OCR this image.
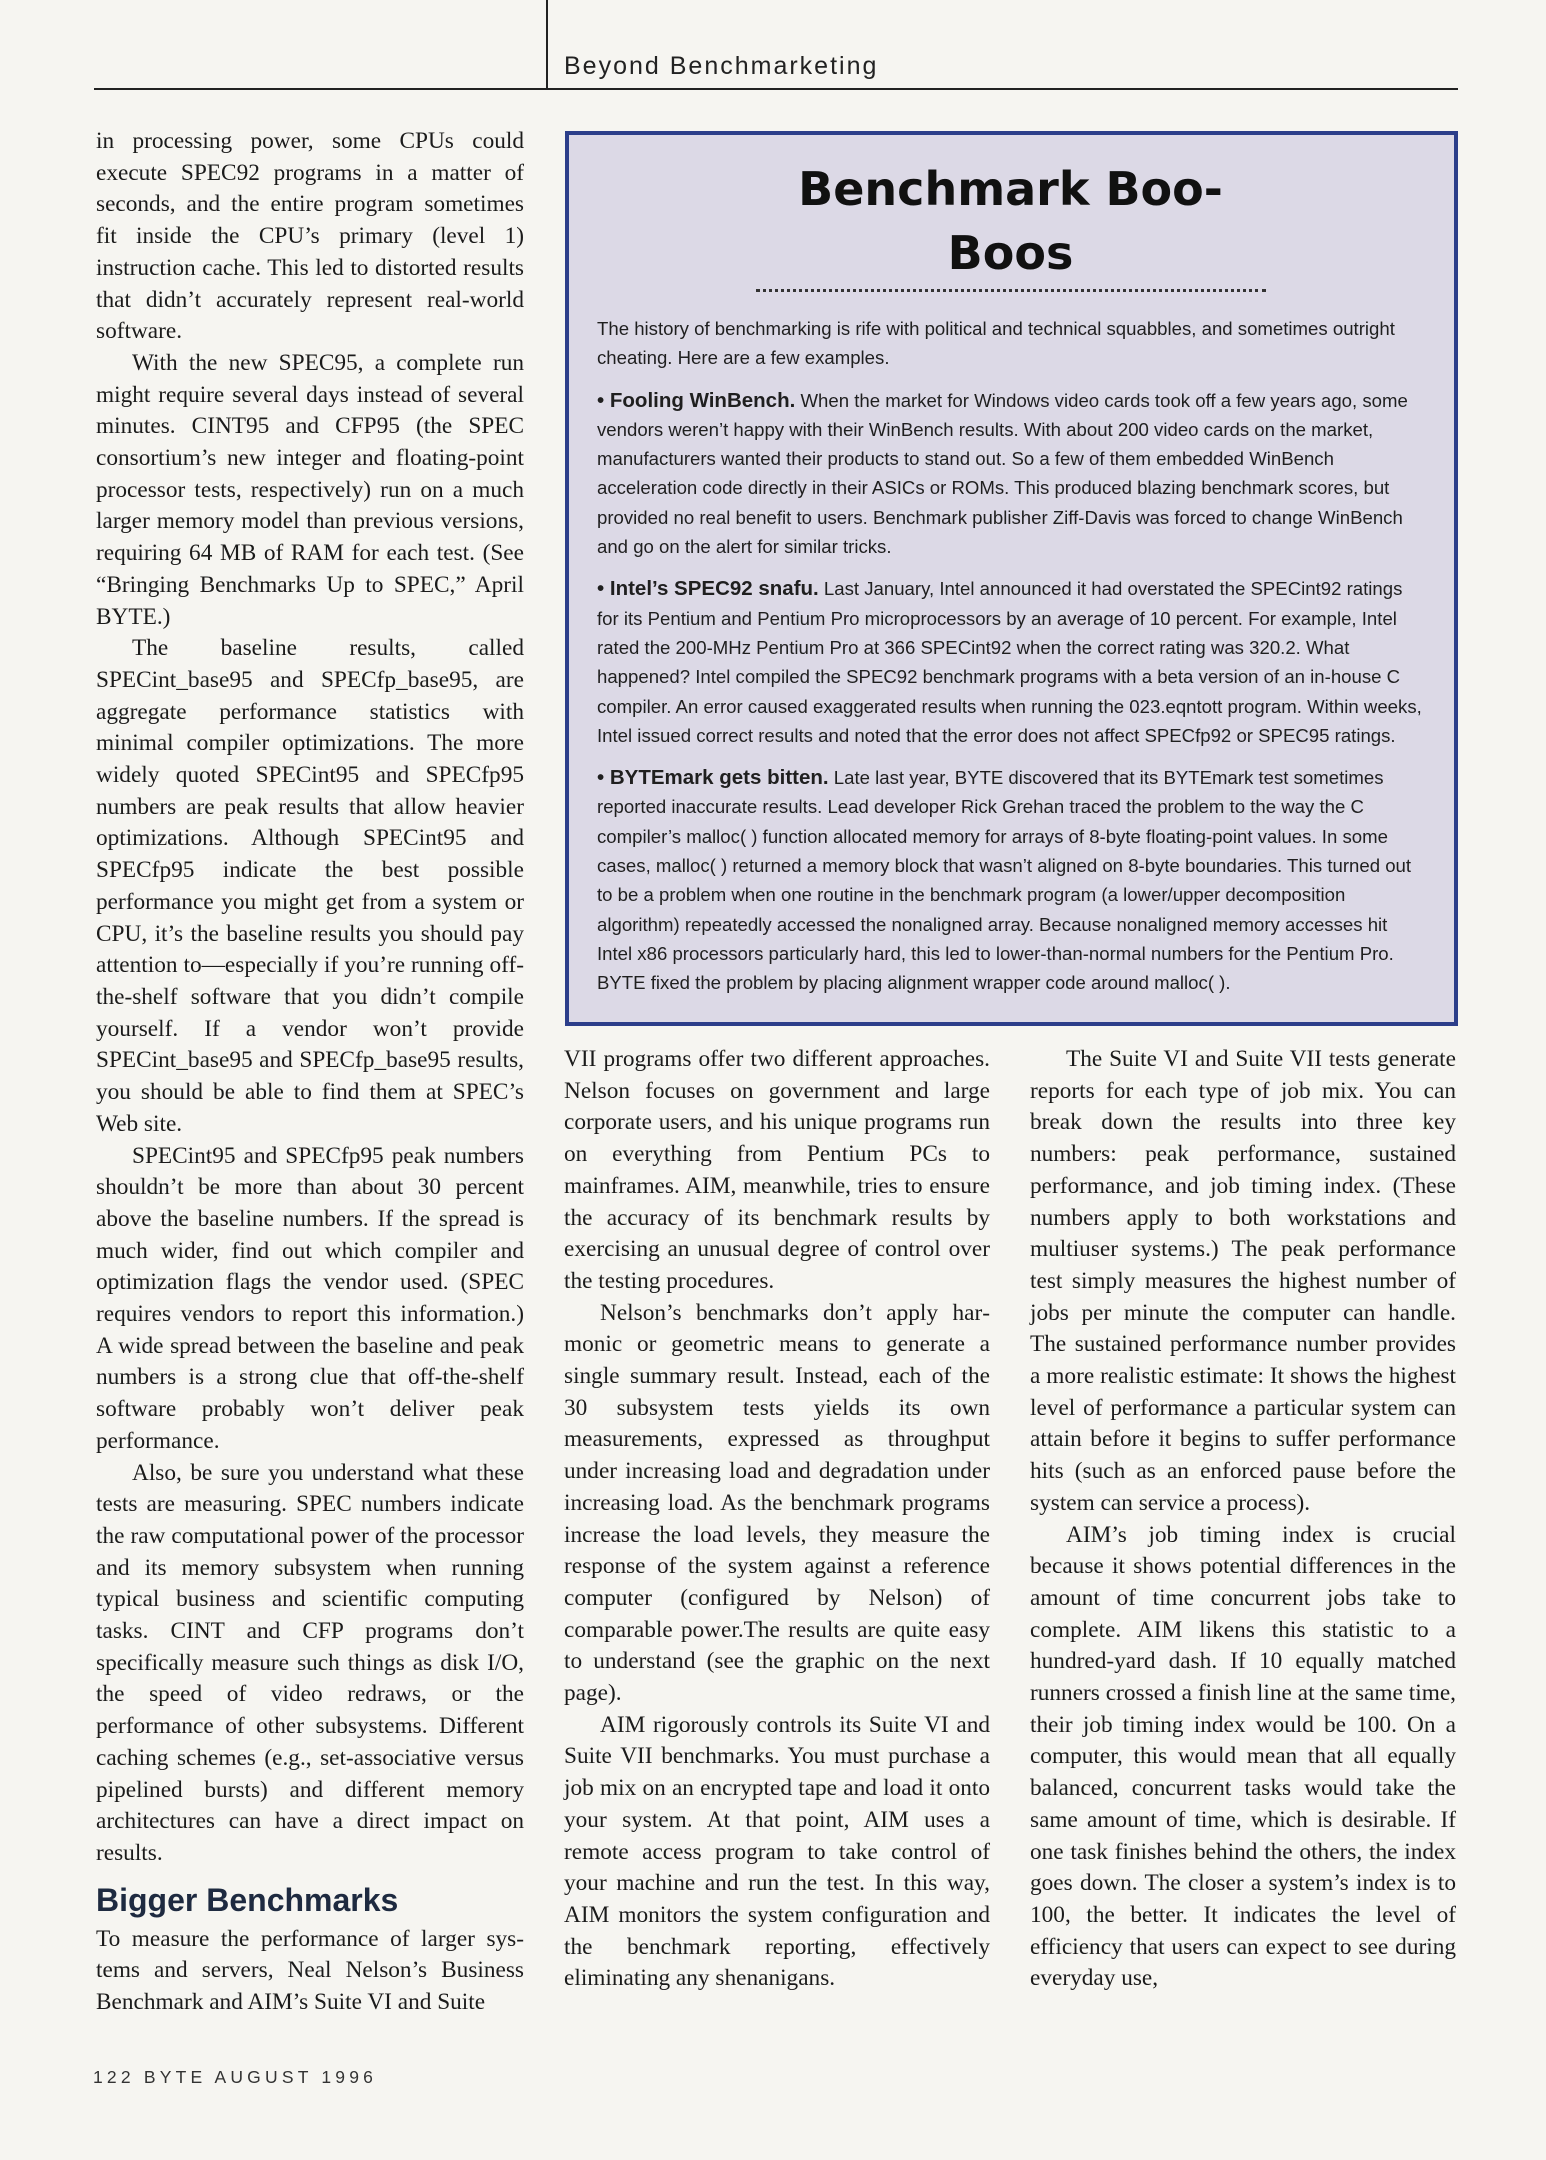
Beyond Benchmarketing

in processing power, some CPUs could execute SPEC92 programs in a matter of seconds, and the entire program sometimes fit inside the CPU’s primary (level 1) instruction cache. This led to distorted results that didn’t accurately represent real-world software.

With the new SPEC95, a complete run might require several days instead of several minutes. CINT95 and CFP95 (the SPEC consortium’s new integer and floating-point processor tests, respectively) run on a much larger memory model than previous versions, requiring 64 MB of RAM for each test. (See “Bringing Benchmarks Up to SPEC,” April BYTE.)

The baseline results, called SPECint_base95 and SPECfp_base95, are aggregate performance statistics with minimal compiler optimizations. The more widely quoted SPECint95 and SPECfp95 numbers are peak results that allow heavier optimizations. Although SPECint95 and SPECfp95 indicate the best possible performance you might get from a system or CPU, it’s the baseline results you should pay attention to—especially if you’re running off-the-shelf software that you didn’t compile yourself. If a vendor won’t provide SPECint_base95 and SPECfp_base95 results, you should be able to find them at SPEC’s Web site.

SPECint95 and SPECfp95 peak numbers shouldn’t be more than about 30 percent above the baseline numbers. If the spread is much wider, find out which compiler and optimization flags the vendor used. (SPEC requires vendors to report this information.) A wide spread between the baseline and peak numbers is a strong clue that off-the-shelf software probably won’t deliver peak performance.

Also, be sure you understand what these tests are measuring. SPEC numbers indicate the raw computational power of the processor and its memory subsystem when running typical business and scientific computing tasks. CINT and CFP programs don’t specifically measure such things as disk I/O, the speed of video redraws, or the performance of other subsystems. Different caching schemes (e.g., set-associative versus pipelined bursts) and different memory architectures can have a direct impact on results.

Bigger Benchmarks

To measure the performance of larger systems and servers, Neal Nelson’s Business Benchmark and AIM’s Suite VI and Suite

Benchmark Boo-Boos

The history of benchmarking is rife with political and technical squabbles, and sometimes outright cheating. Here are a few examples.

• Fooling WinBench. When the market for Windows video cards took off a few years ago, some vendors weren’t happy with their WinBench results. With about 200 video cards on the market, manufacturers wanted their products to stand out. So a few of them embedded WinBench acceleration code directly in their ASICs or ROMs. This produced blazing benchmark scores, but provided no real benefit to users. Benchmark publisher Ziff-Davis was forced to change WinBench and go on the alert for similar tricks.

• Intel’s SPEC92 snafu. Last January, Intel announced it had overstated the SPECint92 ratings for its Pentium and Pentium Pro microprocessors by an average of 10 percent. For example, Intel rated the 200-MHz Pentium Pro at 366 SPECint92 when the correct rating was 320.2. What happened? Intel compiled the SPEC92 benchmark programs with a beta version of an in-house C compiler. An error caused exaggerated results when running the 023.eqntott program. Within weeks, Intel issued correct results and noted that the error does not affect SPECfp92 or SPEC95 ratings.

• BYTEmark gets bitten. Late last year, BYTE discovered that its BYTEmark test sometimes reported inaccurate results. Lead developer Rick Grehan traced the problem to the way the C compiler’s malloc( ) function allocated memory for arrays of 8-byte floating-point values. In some cases, malloc( ) returned a memory block that wasn’t aligned on 8-byte boundaries. This turned out to be a problem when one routine in the benchmark program (a lower/upper decomposition algorithm) repeatedly accessed the nonaligned array. Because nonaligned memory accesses hit Intel x86 processors particularly hard, this led to lower-than-normal numbers for the Pentium Pro. BYTE fixed the problem by placing alignment wrapper code around malloc( ).

VII programs offer two different approaches. Nelson focuses on government and large corporate users, and his unique programs run on everything from Pentium PCs to mainframes. AIM, meanwhile, tries to ensure the accuracy of its benchmark results by exercising an unusual degree of control over the testing procedures.

Nelson’s benchmarks don’t apply harmonic or geometric means to generate a single summary result. Instead, each of the 30 subsystem tests yields its own measurements, expressed as throughput under increasing load and degradation under increasing load. As the benchmark programs increase the load levels, they measure the response of the system against a reference computer (configured by Nelson) of comparable power.The results are quite easy to understand (see the graphic on the next page).

AIM rigorously controls its Suite VI and Suite VII benchmarks. You must purchase a job mix on an encrypted tape and load it onto your system. At that point, AIM uses a remote access program to take control of your machine and run the test. In this way, AIM monitors the system configuration and the benchmark reporting, effectively eliminating any shenanigans.

The Suite VI and Suite VII tests generate reports for each type of job mix. You can break down the results into three key numbers: peak performance, sustained performance, and job timing index. (These numbers apply to both workstations and multiuser systems.) The peak performance test simply measures the highest number of jobs per minute the computer can handle. The sustained performance number provides a more realistic estimate: It shows the highest level of performance a particular system can attain before it begins to suffer performance hits (such as an enforced pause before the system can service a process).

AIM’s job timing index is crucial because it shows potential differences in the amount of time concurrent jobs take to complete. AIM likens this statistic to a hundred-yard dash. If 10 equally matched runners crossed a finish line at the same time, their job timing index would be 100. On a computer, this would mean that all equally balanced, concurrent tasks would take the same amount of time, which is desirable. If one task finishes behind the others, the index goes down. The closer a system’s index is to 100, the better. It indicates the level of efficiency that users can expect to see during everyday use,

122 BYTE AUGUST 1996
